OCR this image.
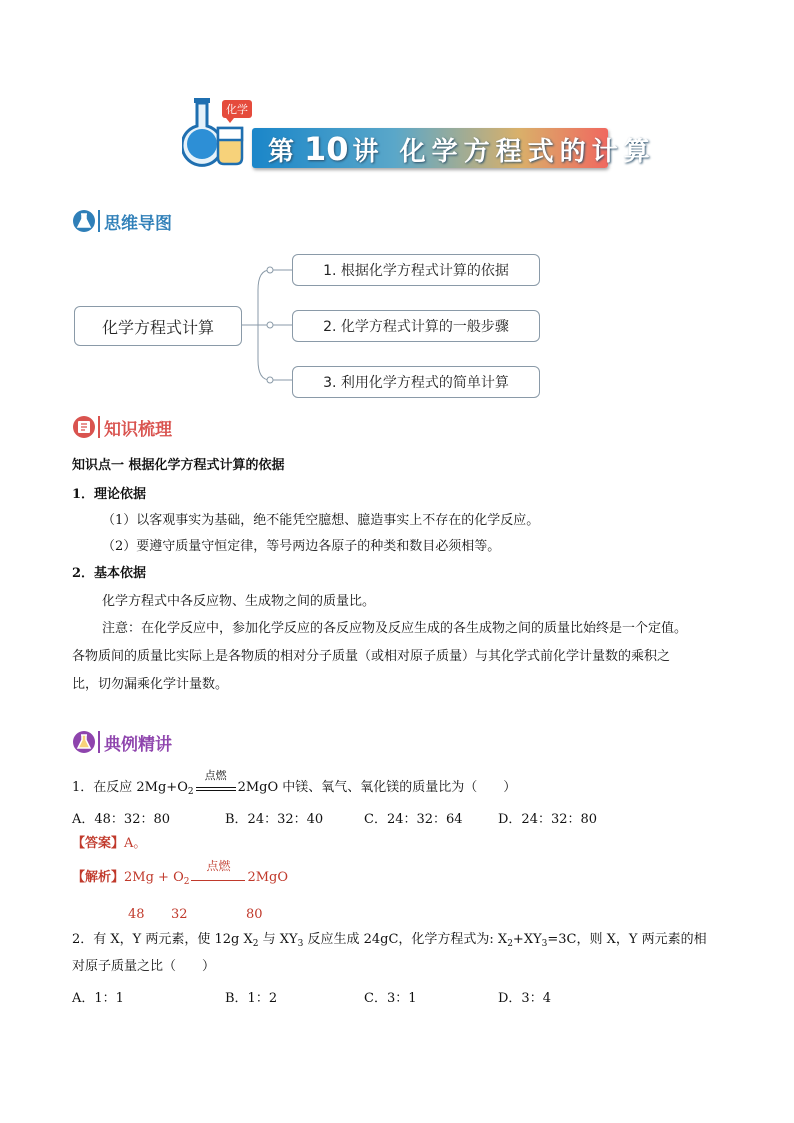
化学
第 10 讲 化学方程式的计算
思维导图
化学方程式计算
1. 根据化学方程式计算的依据
2. 化学方程式计算的一般步骤
3. 利用化学方程式的简单计算
知识梳理
知识点一 根据化学方程式计算的依据
1．理论依据
（1）以客观事实为基础，绝不能凭空臆想、臆造事实上不存在的化学反应。
（2）要遵守质量守恒定律，等号两边各原子的种类和数目必须相等。
2．基本依据
化学方程式中各反应物、生成物之间的质量比。
注意：在化学反应中，参加化学反应的各反应物及反应生成的各生成物之间的质量比始终是一个定值。
各物质间的质量比实际上是各物质的相对分子质量（或相对原子质量）与其化学式前化学计量数的乘积之
比，切勿漏乘化学计量数。
典例精讲
1．在反应 $2Mg+O_2$
点燃
2MgO 中镁、氧气、氧化镁的质量比为（　　）
A．48：32：80	B．24：32：40	C．24：32：64	D．24：32：80
【答案】A。
【解析】$2Mg + O_2$
点燃
2MgO
48 32	80
2．有 X，Y 两元素，使 12g $X_2$ 与 $XY_3$ 反应生成 24gC，化学方程式为: $X_2+XY_3=3C$，则 X，Y 两元素的相
对原子质量之比（　　）
A．1：1	B．1：2	C．3：1	D．3：4
